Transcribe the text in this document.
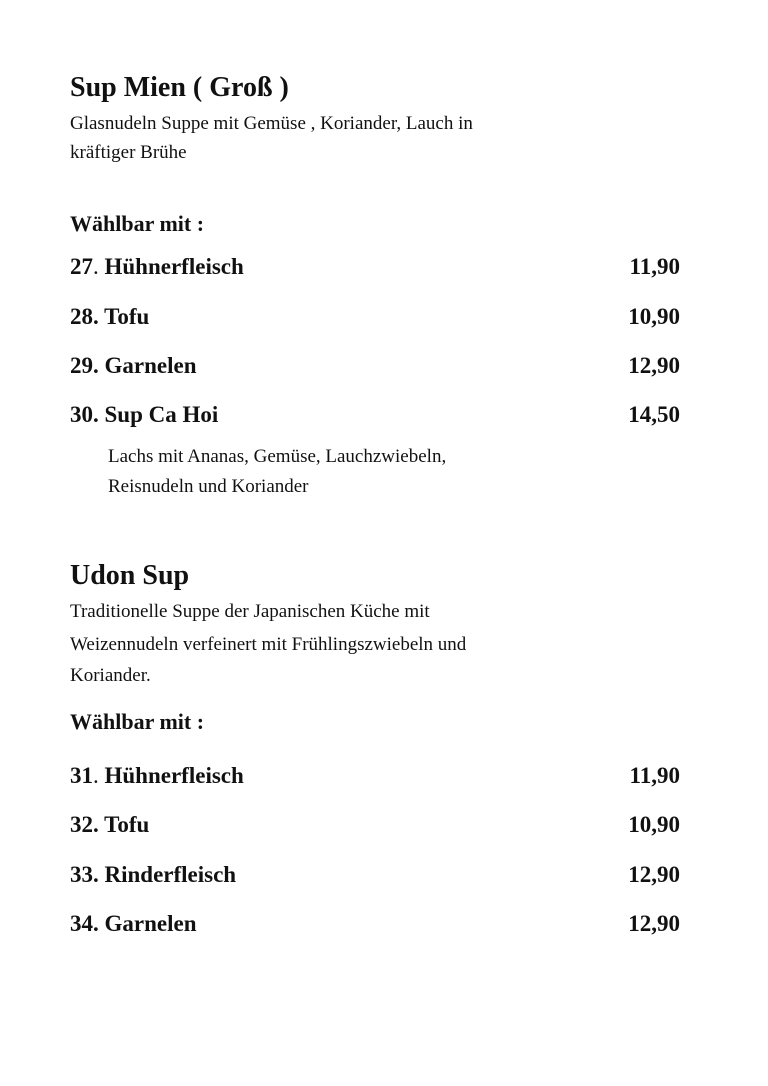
Sup Mien ( Groß )
Glasnudeln Suppe mit Gemüse , Koriander, Lauch in
kräftiger Brühe
Wählbar mit :
27. Hühnerfleisch	11,90
28. Tofu	10,90
29. Garnelen	12,90
30. Sup Ca Hoi	14,50
Lachs mit Ananas, Gemüse, Lauchzwiebeln,
Reisnudeln und Koriander
Udon Sup
Traditionelle Suppe der Japanischen Küche mit
Weizennudeln verfeinert mit Frühlingszwiebeln und
Koriander.
Wählbar mit :
31. Hühnerfleisch	11,90
32. Tofu	10,90
33. Rinderfleisch	12,90
34. Garnelen	12,90
